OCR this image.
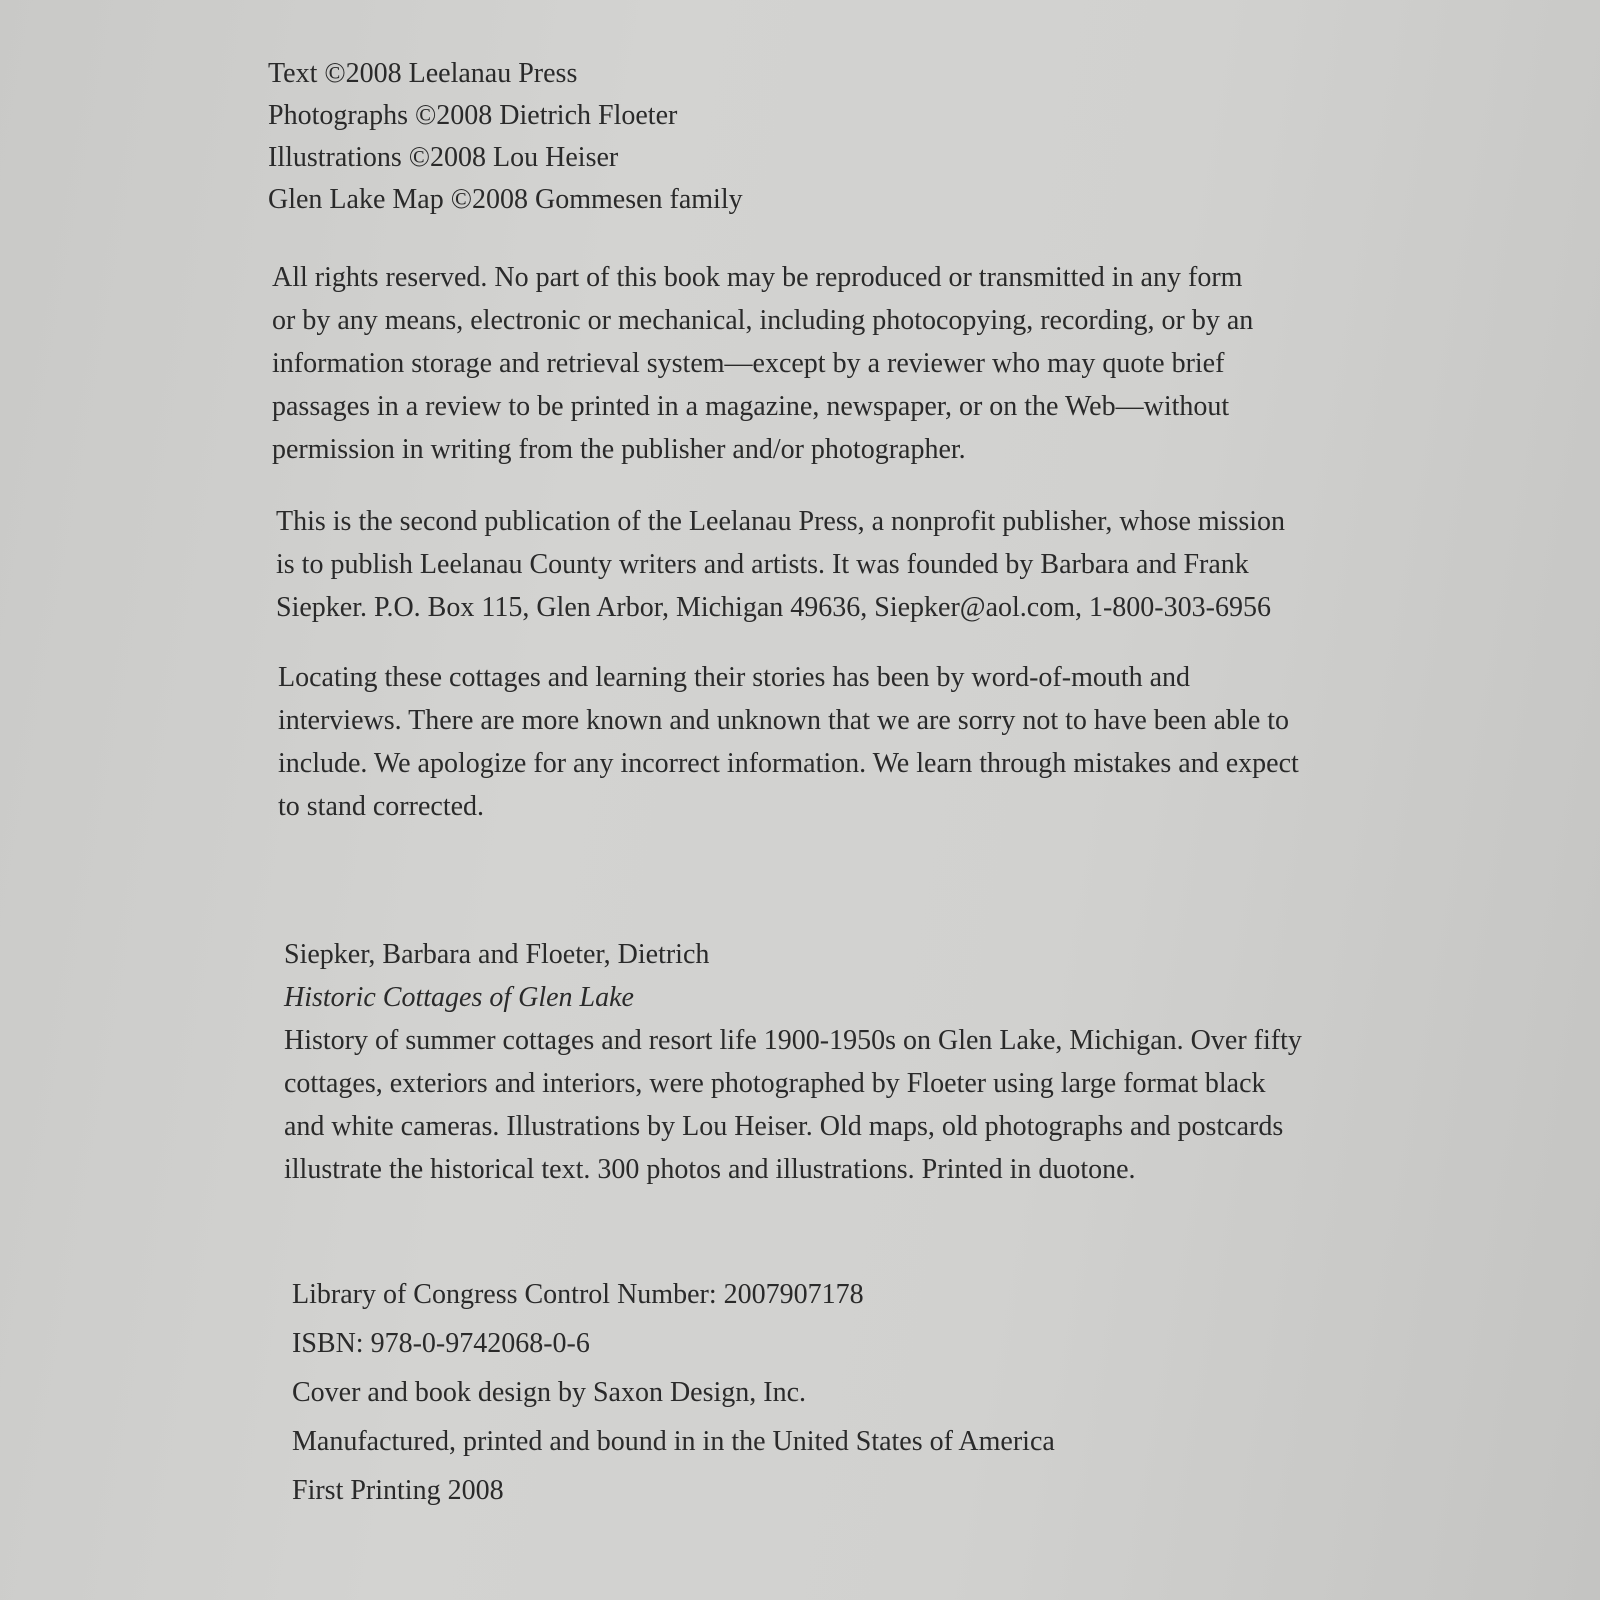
Text ©2008 Leelanau Press
Photographs ©2008 Dietrich Floeter
Illustrations ©2008 Lou Heiser
Glen Lake Map ©2008 Gommesen family
All rights reserved. No part of this book may be reproduced or transmitted in any form
or by any means, electronic or mechanical, including photocopying, recording, or by an
information storage and retrieval system—except by a reviewer who may quote brief
passages in a review to be printed in a magazine, newspaper, or on the Web—without
permission in writing from the publisher and/or photographer.
This is the second publication of the Leelanau Press, a nonprofit publisher, whose mission
is to publish Leelanau County writers and artists. It was founded by Barbara and Frank
Siepker. P.O. Box 115, Glen Arbor, Michigan 49636, Siepker@aol.com, 1-800-303-6956
Locating these cottages and learning their stories has been by word-of-mouth and
interviews. There are more known and unknown that we are sorry not to have been able to
include. We apologize for any incorrect information. We learn through mistakes and expect
to stand corrected.
Siepker, Barbara and Floeter, Dietrich
Historic Cottages of Glen Lake
History of summer cottages and resort life 1900-1950s on Glen Lake, Michigan. Over fifty
cottages, exteriors and interiors, were photographed by Floeter using large format black
and white cameras. Illustrations by Lou Heiser. Old maps, old photographs and postcards
illustrate the historical text. 300 photos and illustrations. Printed in duotone.
Library of Congress Control Number: 2007907178
ISBN: 978-0-9742068-0-6
Cover and book design by Saxon Design, Inc.
Manufactured, printed and bound in in the United States of America
First Printing 2008
